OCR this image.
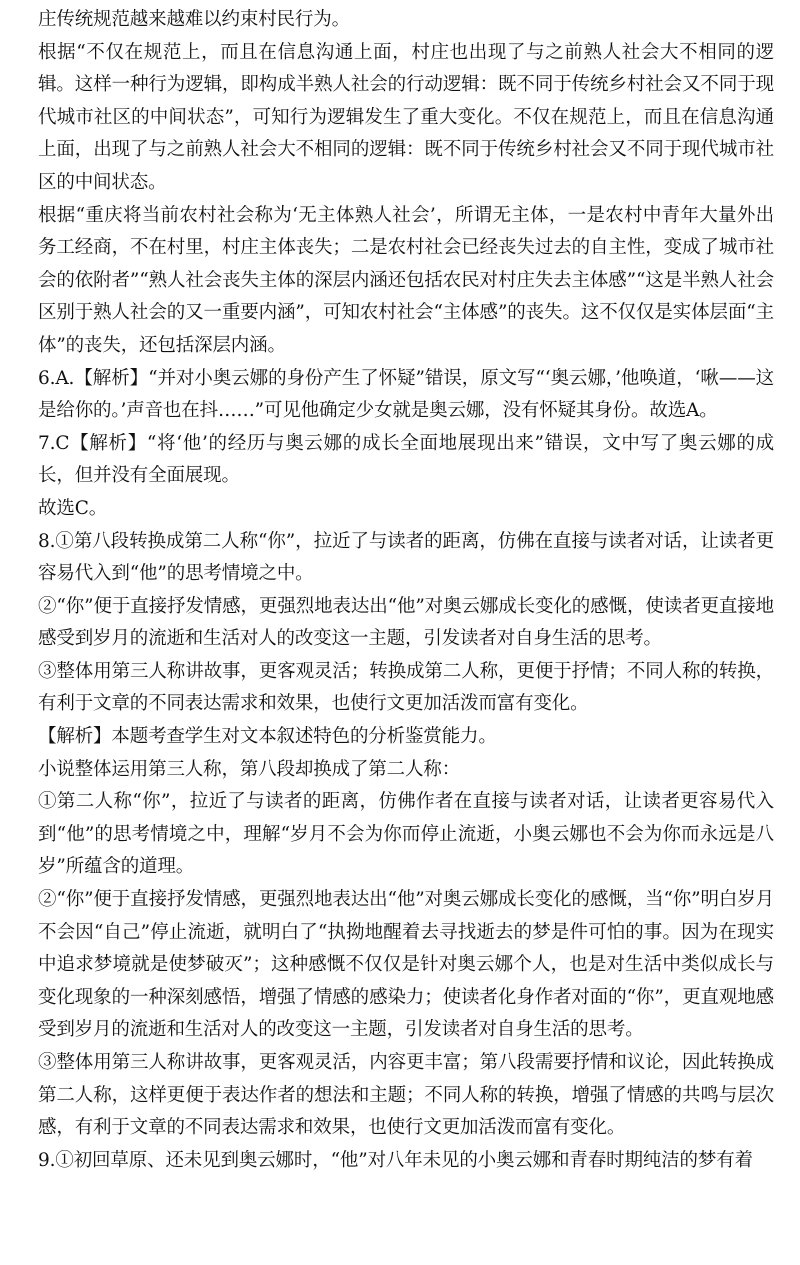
庄传统规范越来越难以约束村民行为。

根据“不仅在规范上，而且在信息沟通上面，村庄也出现了与之前熟人社会大不相同的逻辑。这样一种行为逻辑，即构成半熟人社会的行动逻辑：既不同于传统乡村社会又不同于现代城市社区的中间状态”，可知行为逻辑发生了重大变化。不仅在规范上，而且在信息沟通上面，出现了与之前熟人社会大不相同的逻辑：既不同于传统乡村社会又不同于现代城市社区的中间状态。

根据“重庆将当前农村社会称为‘无主体熟人社会’，所谓无主体，一是农村中青年大量外出务工经商，不在村里，村庄主体丧失；二是农村社会已经丧失过去的自主性，变成了城市社会的依附者”“熟人社会丧失主体的深层内涵还包括农民对村庄失去主体感”“这是半熟人社会区别于熟人社会的又一重要内涵”，可知农村社会“主体感”的丧失。这不仅仅是实体层面“主体”的丧失，还包括深层内涵。

6.A.【解析】“并对小奥云娜的身份产生了怀疑”错误，原文写“‘奥云娜，’他唤道，‘啾——这是给你的。’声音也在抖……”可见他确定少女就是奥云娜，没有怀疑其身份。故选A。

7.C【解析】“将‘他’的经历与奥云娜的成长全面地展现出来”错误，文中写了奥云娜的成长，但并没有全面展现。

故选C。

8.①第八段转换成第二人称“你”，拉近了与读者的距离，仿佛在直接与读者对话，让读者更容易代入到“他”的思考情境之中。

②“你”便于直接抒发情感，更强烈地表达出“他”对奥云娜成长变化的感慨，使读者更直接地感受到岁月的流逝和生活对人的改变这一主题，引发读者对自身生活的思考。

③整体用第三人称讲故事，更客观灵活；转换成第二人称，更便于抒情；不同人称的转换，有利于文章的不同表达需求和效果，也使行文更加活泼而富有变化。

【解析】本题考查学生对文本叙述特色的分析鉴赏能力。

小说整体运用第三人称，第八段却换成了第二人称：

①第二人称“你”，拉近了与读者的距离，仿佛作者在直接与读者对话，让读者更容易代入到“他”的思考情境之中，理解“岁月不会为你而停止流逝，小奥云娜也不会为你而永远是八岁”所蕴含的道理。

②“你”便于直接抒发情感，更强烈地表达出“他”对奥云娜成长变化的感慨，当“你”明白岁月不会因“自己”停止流逝，就明白了“执拗地醒着去寻找逝去的梦是件可怕的事。因为在现实中追求梦境就是使梦破灭”；这种感慨不仅仅是针对奥云娜个人，也是对生活中类似成长与变化现象的一种深刻感悟，增强了情感的感染力；使读者化身作者对面的“你”，更直观地感受到岁月的流逝和生活对人的改变这一主题，引发读者对自身生活的思考。

③整体用第三人称讲故事，更客观灵活，内容更丰富；第八段需要抒情和议论，因此转换成第二人称，这样更便于表达作者的想法和主题；不同人称的转换，增强了情感的共鸣与层次感，有利于文章的不同表达需求和效果，也使行文更加活泼而富有变化。

9.①初回草原、还未见到奥云娜时，“他”对八年未见的小奥云娜和青春时期纯洁的梦有着
